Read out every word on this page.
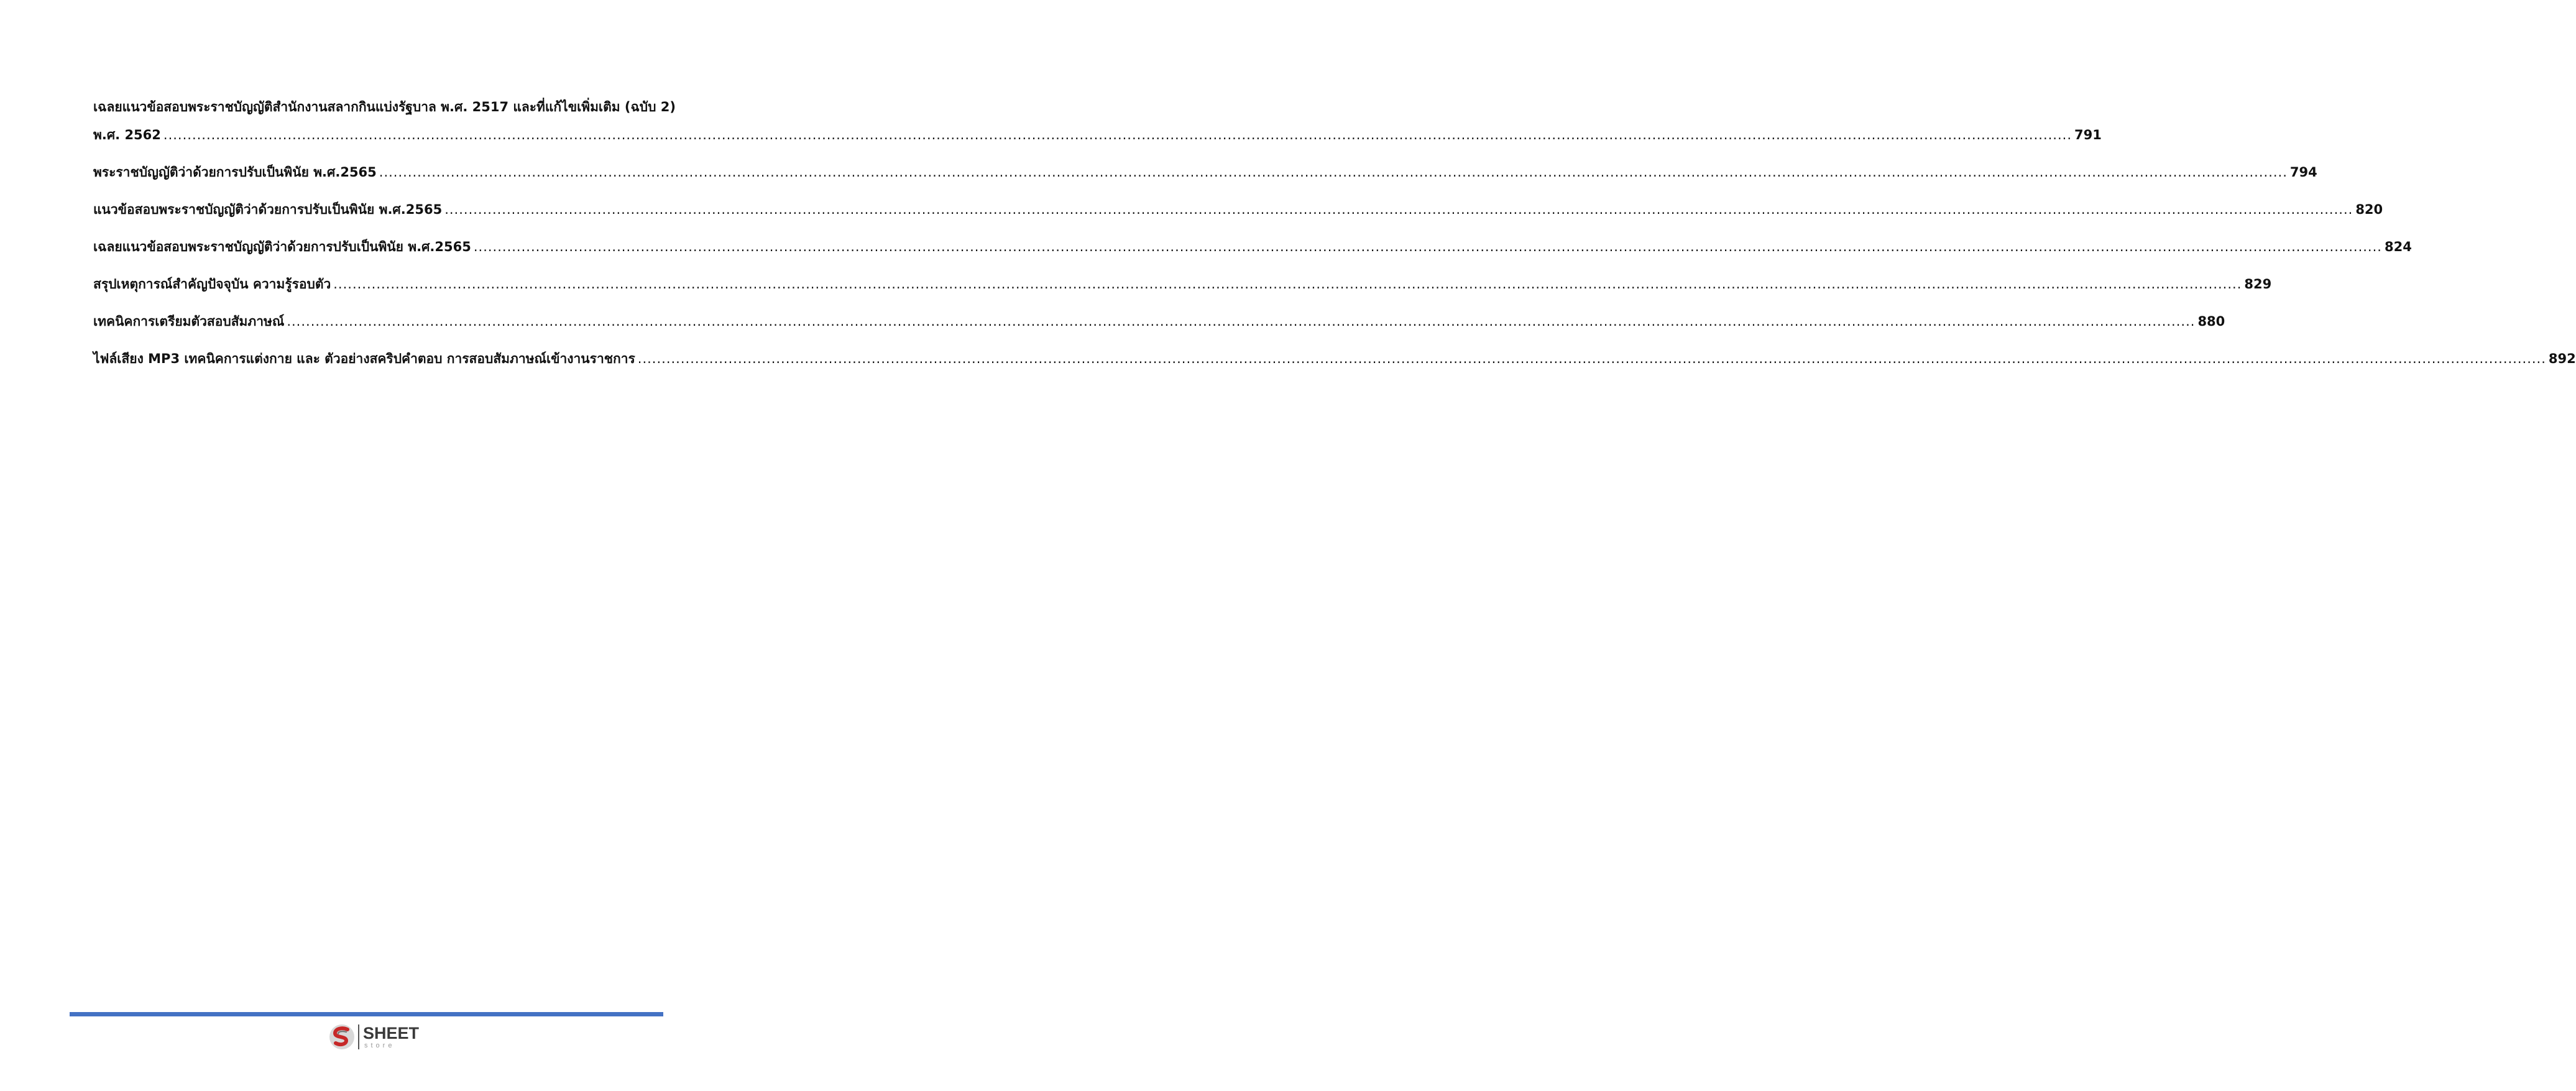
เฉลยแนวข้อสอบพระราชบัญญัติสำนักงานสลากกินแบ่งรัฐบาล พ.ศ. 2517 และที่แก้ไขเพิ่มเติม (ฉบับ 2)
พ.ศ. 2562 ................................................................................................................................................................................................................................................................................................................................................................................................................ 791
พระราชบัญญัติว่าด้วยการปรับเป็นพินัย พ.ศ.2565 ................................................................................................................................................................................................................................................................................................................................................................................................................ 794
แนวข้อสอบพระราชบัญญัติว่าด้วยการปรับเป็นพินัย พ.ศ.2565 ................................................................................................................................................................................................................................................................................................................................................................................................................ 820
เฉลยแนวข้อสอบพระราชบัญญัติว่าด้วยการปรับเป็นพินัย พ.ศ.2565 ................................................................................................................................................................................................................................................................................................................................................................................................................ 824
สรุปเหตุการณ์สำคัญปัจจุบัน ความรู้รอบตัว ................................................................................................................................................................................................................................................................................................................................................................................................................ 829
เทคนิคการเตรียมตัวสอบสัมภาษณ์ ................................................................................................................................................................................................................................................................................................................................................................................................................ 880
ไฟล์เสียง MP3 เทคนิคการแต่งกาย และ ตัวอย่างสคริปคำตอบ การสอบสัมภาษณ์เข้างานราชการ ................................................................................................................................................................................................................................................................................................................................................................................................................ 892
SHEET
store
